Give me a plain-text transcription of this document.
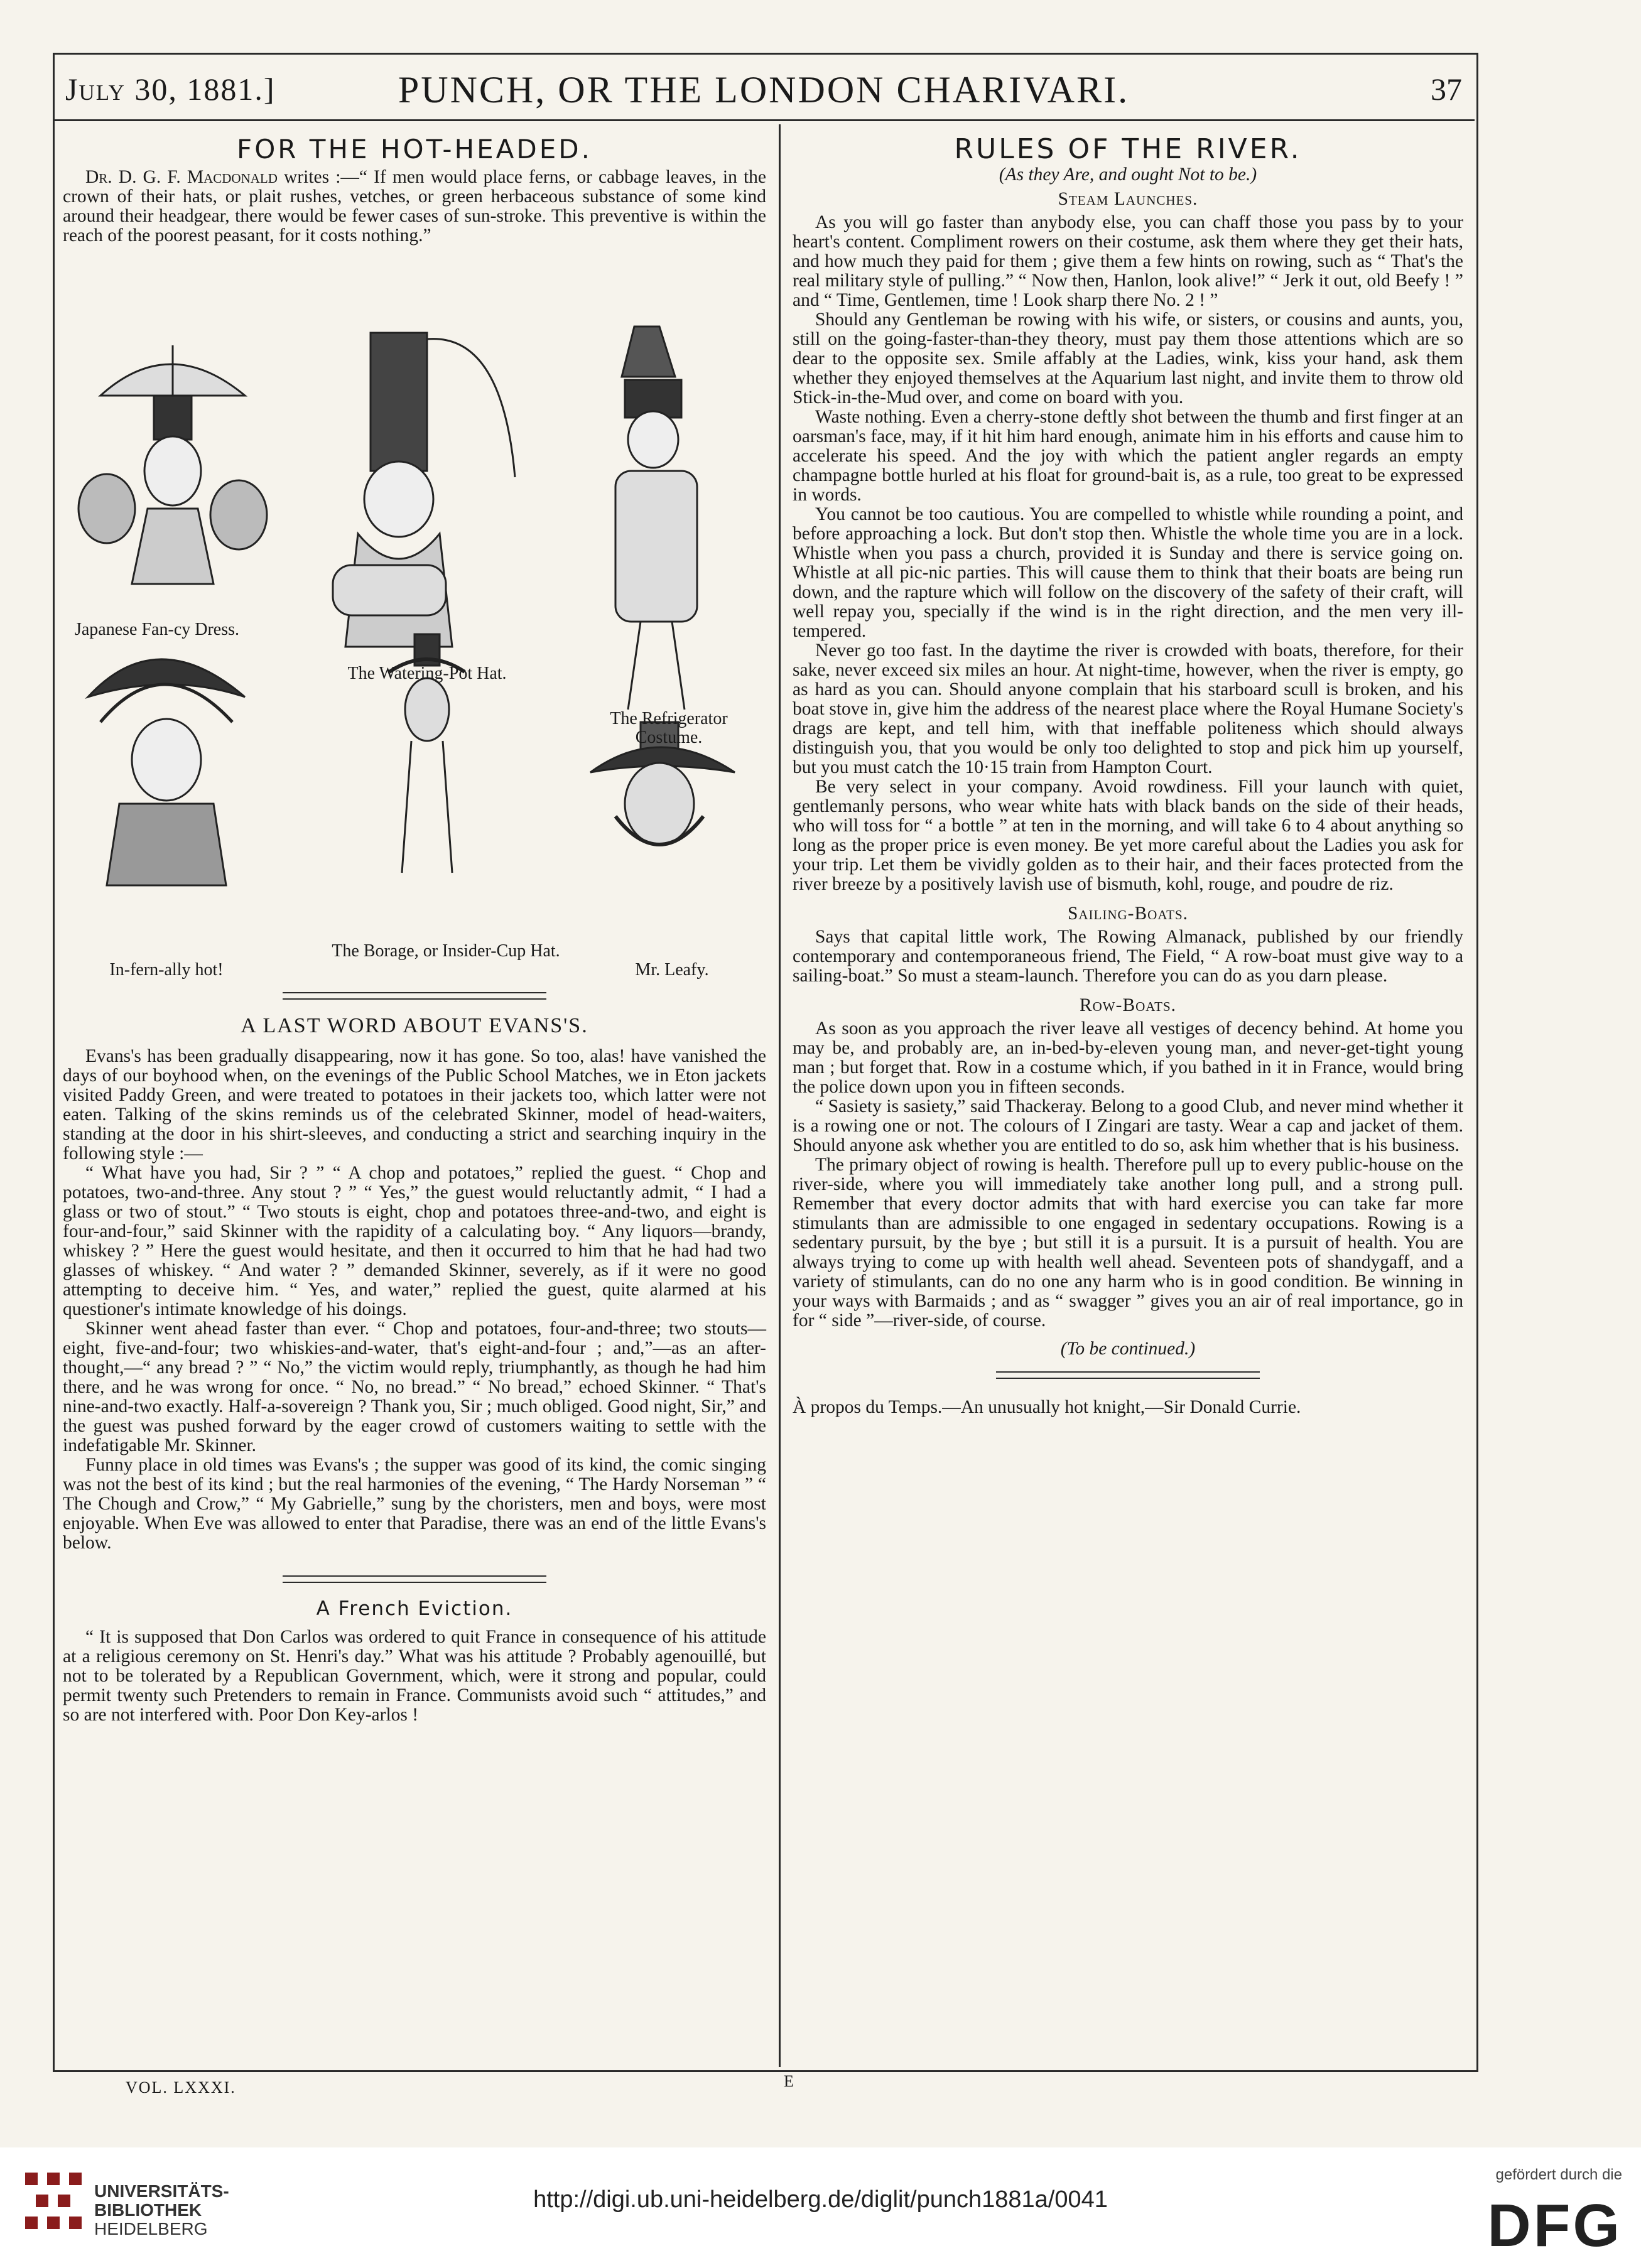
July 30, 1881.]	PUNCH, OR THE LONDON CHARIVARI.	37
FOR THE HOT-HEADED.

Dr. D. G. F. Macdonald writes :—“ If men would place ferns, or cabbage leaves, in the crown of their hats, or plait rushes, vetches, or green herbaceous substance of some kind around their headgear, there would be fewer cases of sun-stroke. This preventive is within the reach of the poorest peasant, for it costs nothing.”

Japanese Fan-cy Dress.
The Watering-Pot Hat.
The Refrigerator Costume.
In-fern-ally hot!
The Borage, or Insider-Cup Hat.
Mr. Leafy.
A LAST WORD ABOUT EVANS'S.

Evans's has been gradually disappearing, now it has gone. So too, alas! have vanished the days of our boyhood when, on the evenings of the Public School Matches, we in Eton jackets visited Paddy Green, and were treated to potatoes in their jackets too, which latter were not eaten. Talking of the skins reminds us of the celebrated Skinner, model of head-waiters, standing at the door in his shirt-sleeves, and conducting a strict and searching inquiry in the following style :—

“ What have you had, Sir ? ” “ A chop and potatoes,” replied the guest. “ Chop and potatoes, two-and-three. Any stout ? ” “ Yes,” the guest would reluctantly admit, “ I had a glass or two of stout.” “ Two stouts is eight, chop and potatoes three-and-two, and eight is four-and-four,” said Skinner with the rapidity of a calculating boy. “ Any liquors—brandy, whiskey ? ” Here the guest would hesitate, and then it occurred to him that he had had two glasses of whiskey. “ And water ? ” demanded Skinner, severely, as if it were no good attempting to deceive him. “ Yes, and water,” replied the guest, quite alarmed at his questioner's intimate knowledge of his doings.

Skinner went ahead faster than ever. “ Chop and potatoes, four-and-three; two stouts—eight, five-and-four; two whiskies-and-water, that's eight-and-four ; and,”—as an after-thought,—“ any bread ? ” “ No,” the victim would reply, triumphantly, as though he had him there, and he was wrong for once. “ No, no bread.” “ No bread,” echoed Skinner. “ That's nine-and-two exactly. Half-a-sovereign ? Thank you, Sir ; much obliged. Good night, Sir,” and the guest was pushed forward by the eager crowd of customers waiting to settle with the indefatigable Mr. Skinner.

Funny place in old times was Evans's ; the supper was good of its kind, the comic singing was not the best of its kind ; but the real harmonies of the evening, “ The Hardy Norseman ” “ The Chough and Crow,” “ My Gabrielle,” sung by the choristers, men and boys, were most enjoyable. When Eve was allowed to enter that Paradise, there was an end of the little Evans's below.

A French Eviction.

“ It is supposed that Don Carlos was ordered to quit France in consequence of his attitude at a religious ceremony on St. Henri's day.” What was his attitude ? Probably agenouillé, but not to be tolerated by a Republican Government, which, were it strong and popular, could permit twenty such Pretenders to remain in France. Communists avoid such “ attitudes,” and so are not interfered with. Poor Don Key-arlos !

RULES OF THE RIVER.
(As they Are, and ought Not to be.)
Steam Launches.

As you will go faster than anybody else, you can chaff those you pass by to your heart's content. Compliment rowers on their costume, ask them where they get their hats, and how much they paid for them ; give them a few hints on rowing, such as “ That's the real military style of pulling.” “ Now then, Hanlon, look alive!” “ Jerk it out, old Beefy ! ” and “ Time, Gentlemen, time ! Look sharp there No. 2 ! ”

Should any Gentleman be rowing with his wife, or sisters, or cousins and aunts, you, still on the going-faster-than-they theory, must pay them those attentions which are so dear to the opposite sex. Smile affably at the Ladies, wink, kiss your hand, ask them whether they enjoyed themselves at the Aquarium last night, and invite them to throw old Stick-in-the-Mud over, and come on board with you.

Waste nothing. Even a cherry-stone deftly shot between the thumb and first finger at an oarsman's face, may, if it hit him hard enough, animate him in his efforts and cause him to accelerate his speed. And the joy with which the patient angler regards an empty champagne bottle hurled at his float for ground-bait is, as a rule, too great to be expressed in words.

You cannot be too cautious. You are compelled to whistle while rounding a point, and before approaching a lock. But don't stop then. Whistle the whole time you are in a lock. Whistle when you pass a church, provided it is Sunday and there is service going on. Whistle at all pic-nic parties. This will cause them to think that their boats are being run down, and the rapture which will follow on the discovery of the safety of their craft, will well repay you, specially if the wind is in the right direction, and the men very ill-tempered.

Never go too fast. In the daytime the river is crowded with boats, therefore, for their sake, never exceed six miles an hour. At night-time, however, when the river is empty, go as hard as you can. Should anyone complain that his starboard scull is broken, and his boat stove in, give him the address of the nearest place where the Royal Humane Society's drags are kept, and tell him, with that ineffable politeness which should always distinguish you, that you would be only too delighted to stop and pick him up yourself, but you must catch the 10·15 train from Hampton Court.

Be very select in your company. Avoid rowdiness. Fill your launch with quiet, gentlemanly persons, who wear white hats with black bands on the side of their heads, who will toss for “ a bottle ” at ten in the morning, and will take 6 to 4 about anything so long as the proper price is even money. Be yet more careful about the Ladies you ask for your trip. Let them be vividly golden as to their hair, and their faces protected from the river breeze by a positively lavish use of bismuth, kohl, rouge, and poudre de riz.

Sailing-Boats.

Says that capital little work, The Rowing Almanack, published by our friendly contemporary and contemporaneous friend, The Field, “ A row-boat must give way to a sailing-boat.” So must a steam-launch. Therefore you can do as you darn please.

Row-Boats.

As soon as you approach the river leave all vestiges of decency behind. At home you may be, and probably are, an in-bed-by-eleven young man, and never-get-tight young man ; but forget that. Row in a costume which, if you bathed in it in France, would bring the police down upon you in fifteen seconds.

“ Sasiety is sasiety,” said Thackeray. Belong to a good Club, and never mind whether it is a rowing one or not. The colours of I Zingari are tasty. Wear a cap and jacket of them. Should anyone ask whether you are entitled to do so, ask him whether that is his business.

The primary object of rowing is health. Therefore pull up to every public-house on the river-side, where you will immediately take another long pull, and a strong pull. Remember that every doctor admits that with hard exercise you can take far more stimulants than are admissible to one engaged in sedentary occupations. Rowing is a sedentary pursuit, by the bye ; but still it is a pursuit. It is a pursuit of health. You are always trying to come up with health well ahead. Seventeen pots of shandygaff, and a variety of stimulants, can do no one any harm who is in good condition. Be winning in your ways with Barmaids ; and as “ swagger ” gives you an air of real importance, go in for “ side ”—river-side, of course.

(To be continued.)

À propos du Temps.—An unusually hot knight,—Sir Donald Currie.

VOL. LXXXI.	E
UNIVERSITÄTS-
BIBLIOTHEK
HEIDELBERG
http://digi.ub.uni-heidelberg.de/diglit/punch1881a/0041
gefördert durch die
DFG
